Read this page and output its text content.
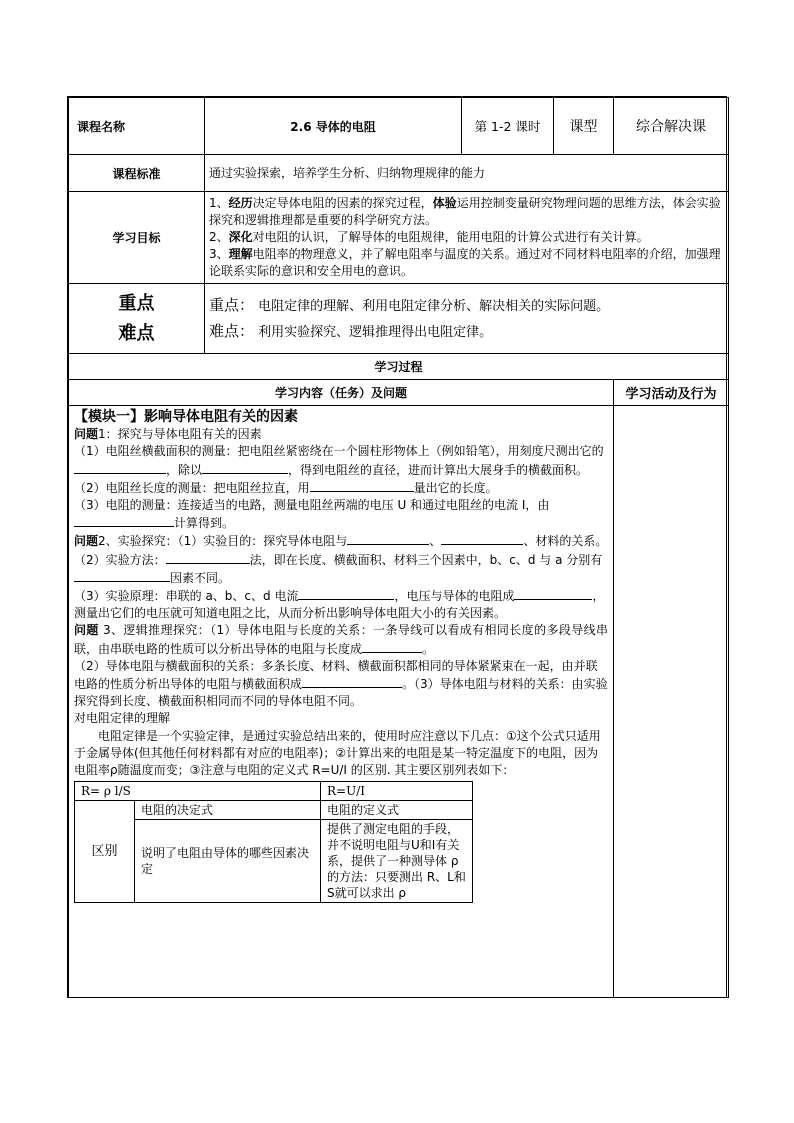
课程名称	2.6 导体的电阻	第 1-2 课时	课型	综合解决课
课程标准	通过实验探索，培养学生分析、归纳物理规律的能力
学习目标	1、经历决定导体电阻的因素的探究过程，体验运用控制变量研究物理问题的思维方法，体会实验探究和逻辑推理都是重要的科学研究方法。
2、深化对电阻的认识，了解导体的电阻规律，能用电阻的计算公式进行有关计算。
3、理解电阻率的物理意义，并了解电阻率与温度的关系。通过对不同材料电阻率的介绍，加强理论联系实际的意识和安全用电的意识。

重点
难点
	重点： 电阻定律的理解、利用电阻定律分析、解决相关的实际问题。
难点： 利用实验探究、逻辑推理得出电阻定律。
学习过程
学习内容（任务）及问题	学习活动及行为

【模块一】影响导体电阻有关的因素

问题1：探究与导体电阻有关的因素

（1）电阻丝横截面积的测量：把电阻丝紧密绕在一个圆柱形物体上（例如铅笔），用刻度尺测出它的，除以	，得到电阻丝的直径，进而计算出大展身手的横截面积。

（2）电阻丝长度的测量：把电阻丝拉直，用	量出它的长度。

（3）电阻的测量：连接适当的电路，测量电阻丝两端的电压 U 和通过电阻丝的电流 I，由计算得到。

问题2、实验探究：（1）实验目的：探究导体电阻与	、	、材料的关系。（2）实验方法：	法，即在长度、横截面积、材料三个因素中，b、c、d 与 a 分别有因素不同。

（3）实验原理：串联的 a、b、c、d 电流	，电压与导体的电阻成	，测量出它们的电压就可知道电阻之比，从而分析出影响导体电阻大小的有关因素。

问题 3、逻辑推理探究：（1）导体电阻与长度的关系：一条导线可以看成有相同长度的多段导线串联，由串联电路的性质可以分析出导体的电阻与长度成	。

（2）导体电阻与横截面积的关系：多条长度、材料、横截面积都相同的导体紧紧束在一起，由并联电路的性质分析出导体的电阻与横截面积成	。（3）导体电阻与材料的关系：由实验探究得到长度、横截面积相同而不同的导体电阻不同。

对电阻定律的理解

电阻定律是一个实验定律，是通过实验总结出来的，使用时应注意以下几点：①这个公式只适用于金属导体(但其他任何材料都有对应的电阻率)；②计算出来的电阻是某一特定温度下的电阻，因为电阻率ρ随温度而变；③注意与电阻的定义式 R=U/I 的区别. 其主要区别列表如下：

R= ρ l/S	R=U/I
区别	电阻的决定式	电阻的定义式
说明了电阻由导体的哪些因素决定	提供了测定电阻的手段，并不说明电阻与U和I有关系，提供了一种测导体 ρ 的方法：只要测出 R、L和 S就可以求出 ρ
